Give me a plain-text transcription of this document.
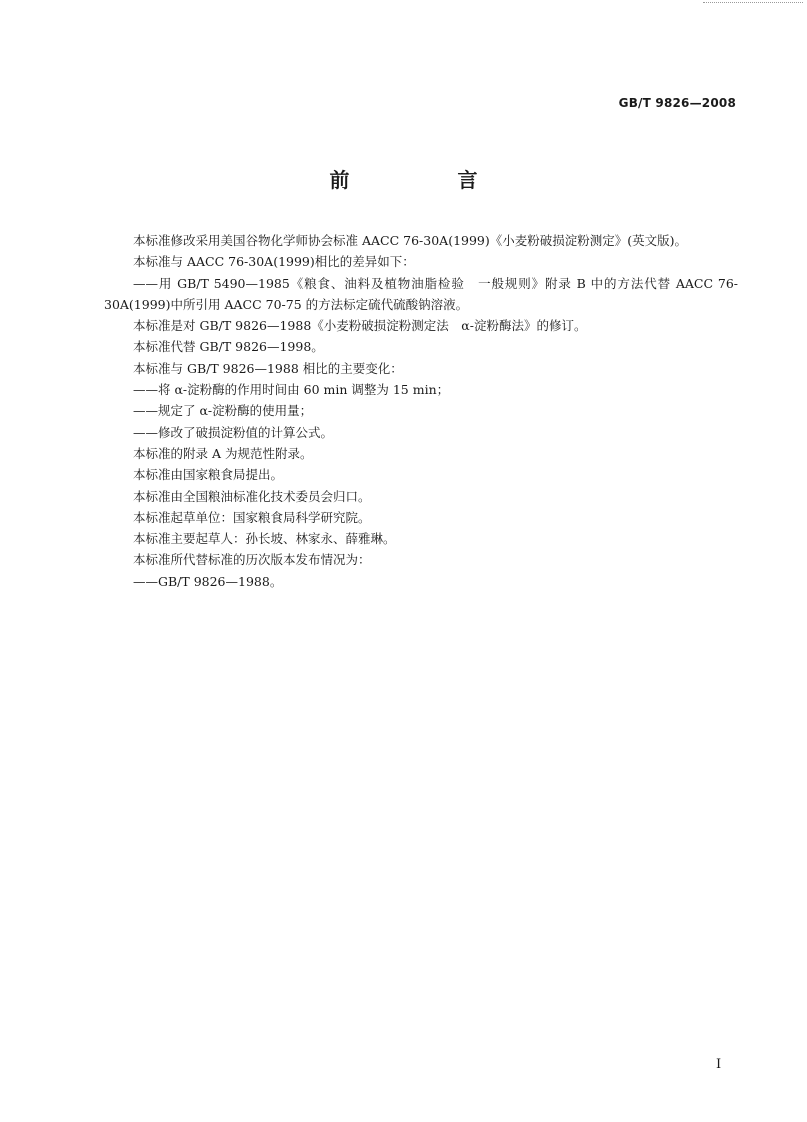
GB/T 9826—2008
前　言
本标准修改采用美国谷物化学师协会标准 AACC 76-30A(1999)《小麦粉破损淀粉测定》(英文版)。
本标准与 AACC 76-30A(1999)相比的差异如下：
——用 GB/T 5490—1985《粮食、油料及植物油脂检验　一般规则》附录 B 中的方法代替 AACC 76-30A(1999)中所引用 AACC 70-75 的方法标定硫代硫酸钠溶液。
本标准是对 GB/T 9826—1988《小麦粉破损淀粉测定法　α-淀粉酶法》的修订。
本标准代替 GB/T 9826—1998。
本标准与 GB/T 9826—1988 相比的主要变化：
——将 α-淀粉酶的作用时间由 60 min 调整为 15 min；
——规定了 α-淀粉酶的使用量；
——修改了破损淀粉值的计算公式。
本标准的附录 A 为规范性附录。
本标准由国家粮食局提出。
本标准由全国粮油标准化技术委员会归口。
本标准起草单位：国家粮食局科学研究院。
本标准主要起草人：孙长坡、林家永、薛雅琳。
本标准所代替标准的历次版本发布情况为：
——GB/T 9826—1988。
I
